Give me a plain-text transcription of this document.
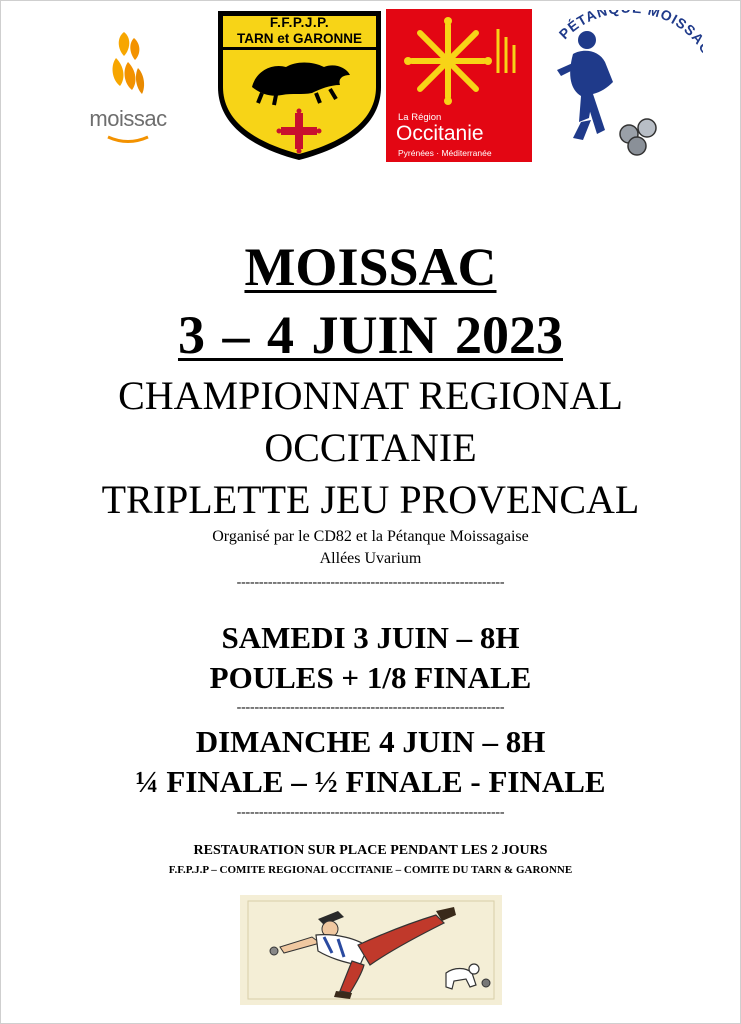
moissac
F.F.P.J.P.
TARN et GARONNE
La Région
Occitanie
Pyrénées · Méditerranée
PÉTAN MOISS
MOISSAC
3 – 4 JUIN 2023
CHAMPIONNAT REGIONAL
OCCITANIE
TRIPLETTE JEU PROVENCAL
Organisé par le CD82 et la Pétanque Moissagaise
Allées Uvarium
------------------------------------------------------------
SAMEDI 3 JUIN – 8H
POULES + 1/8 FINALE
------------------------------------------------------------
DIMANCHE 4 JUIN – 8H
¼ FINALE – ½ FINALE - FINALE
------------------------------------------------------------
RESTAURATION SUR PLACE PENDANT LES 2 JOURS
F.F.P.J.P – COMITE REGIONAL OCCITANIE – COMITE DU TARN & GARONNE
